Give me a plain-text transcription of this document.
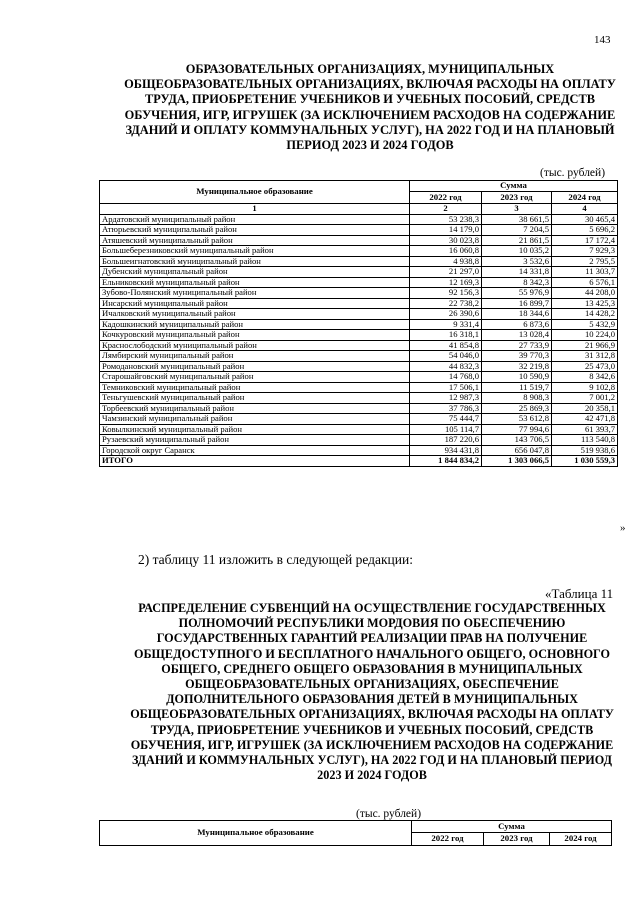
143
ОБРАЗОВАТЕЛЬНЫХ ОРГАНИЗАЦИЯХ, МУНИЦИПАЛЬНЫХ ОБЩЕОБРАЗОВАТЕЛЬНЫХ ОРГАНИЗАЦИЯХ, ВКЛЮЧАЯ РАСХОДЫ НА ОПЛАТУ ТРУДА, ПРИОБРЕТЕНИЕ УЧЕБНИКОВ И УЧЕБНЫХ ПОСОБИЙ, СРЕДСТВ ОБУЧЕНИЯ, ИГР, ИГРУШЕК (ЗА ИСКЛЮЧЕНИЕМ РАСХОДОВ НА СОДЕРЖАНИЕ ЗДАНИЙ И ОПЛАТУ КОММУНАЛЬНЫХ УСЛУГ), НА 2022 ГОД И НА ПЛАНОВЫЙ ПЕРИОД 2023 И 2024 ГОДОВ
(тыс. рублей)
Муниципальное образование	Сумма		
	2022 год	2023 год	2024 год
1	2	3	4
Ардатовский муниципальный район	53 238,3	38 661,5	30 465,4
Атюрьевский муниципальный район	14 179,0	7 204,5	5 696,2
Атяшевский муниципальный район	30 023,8	21 861,5	17 172,4
Большеберезниковский муниципальный район	16 060,8	10 035,2	7 929,3
Большеигнатовский муниципальный район	4 938,8	3 532,6	2 795,5
Дубенский муниципальный район	21 297,0	14 331,8	11 303,7
Ельниковский муниципальный район	12 169,3	8 342,3	6 576,1
Зубово-Полянский муниципальный район	92 156,3	55 976,9	44 208,0
Инсарский муниципальный район	22 738,2	16 899,7	13 425,3
Ичалковский муниципальный район	26 390,6	18 344,6	14 428,2
Кадошкинский муниципальный район	9 331,4	6 873,6	5 432,9
Кочкуровский муниципальный район	16 318,1	13 028,4	10 224,0
Краснослободский муниципальный район	41 854,8	27 733,9	21 966,9
Лямбирский муниципальный район	54 046,0	39 770,3	31 312,8
Ромодановский муниципальный район	44 832,3	32 219,8	25 473,0
Старошайговский муниципальный район	14 768,0	10 590,9	8 342,6
Темниковский муниципальный район	17 506,1	11 519,7	9 102,8
Теньгушевский муниципальный район	12 987,3	8 908,3	7 001,2
Торбеевский муниципальный район	37 786,3	25 869,3	20 358,1
Чамзинский муниципальный район	75 444,7	53 612,8	42 471,8
Ковылкинский муниципальный район	105 114,7	77 994,6	61 393,7
Рузаевский муниципальный район	187 220,6	143 706,5	113 540,8
Городской округ Саранск	934 431,8	656 047,8	519 938,6
ИТОГО	1 844 834,2	1 303 066,5	1 030 559,3
»
2) таблицу 11 изложить в следующей редакции:
«Таблица 11
РАСПРЕДЕЛЕНИЕ СУБВЕНЦИЙ НА ОСУЩЕСТВЛЕНИЕ ГОСУДАРСТВЕННЫХ ПОЛНОМОЧИЙ РЕСПУБЛИКИ МОРДОВИЯ ПО ОБЕСПЕЧЕНИЮ ГОСУДАРСТВЕННЫХ ГАРАНТИЙ РЕАЛИЗАЦИИ ПРАВ НА ПОЛУЧЕНИЕ ОБЩЕДОСТУПНОГО И БЕСПЛАТНОГО НАЧАЛЬНОГО ОБЩЕГО, ОСНОВНОГО ОБЩЕГО, СРЕДНЕГО ОБЩЕГО ОБРАЗОВАНИЯ В МУНИЦИПАЛЬНЫХ ОБЩЕОБРАЗОВАТЕЛЬНЫХ ОРГАНИЗАЦИЯХ, ОБЕСПЕЧЕНИЕ ДОПОЛНИТЕЛЬНОГО ОБРАЗОВАНИЯ ДЕТЕЙ В МУНИЦИПАЛЬНЫХ ОБЩЕОБРАЗОВАТЕЛЬНЫХ ОРГАНИЗАЦИЯХ, ВКЛЮЧАЯ РАСХОДЫ НА ОПЛАТУ ТРУДА, ПРИОБРЕТЕНИЕ УЧЕБНИКОВ И УЧЕБНЫХ ПОСОБИЙ, СРЕДСТВ ОБУЧЕНИЯ, ИГР, ИГРУШЕК (ЗА ИСКЛЮЧЕНИЕМ РАСХОДОВ НА СОДЕРЖАНИЕ ЗДАНИЙ И КОММУНАЛЬНЫХ УСЛУГ), НА 2022 ГОД И НА ПЛАНОВЫЙ ПЕРИОД 2023 И 2024 ГОДОВ
(тыс. рублей)
Муниципальное образование	Сумма		
	2022 год	2023 год	2024 год
